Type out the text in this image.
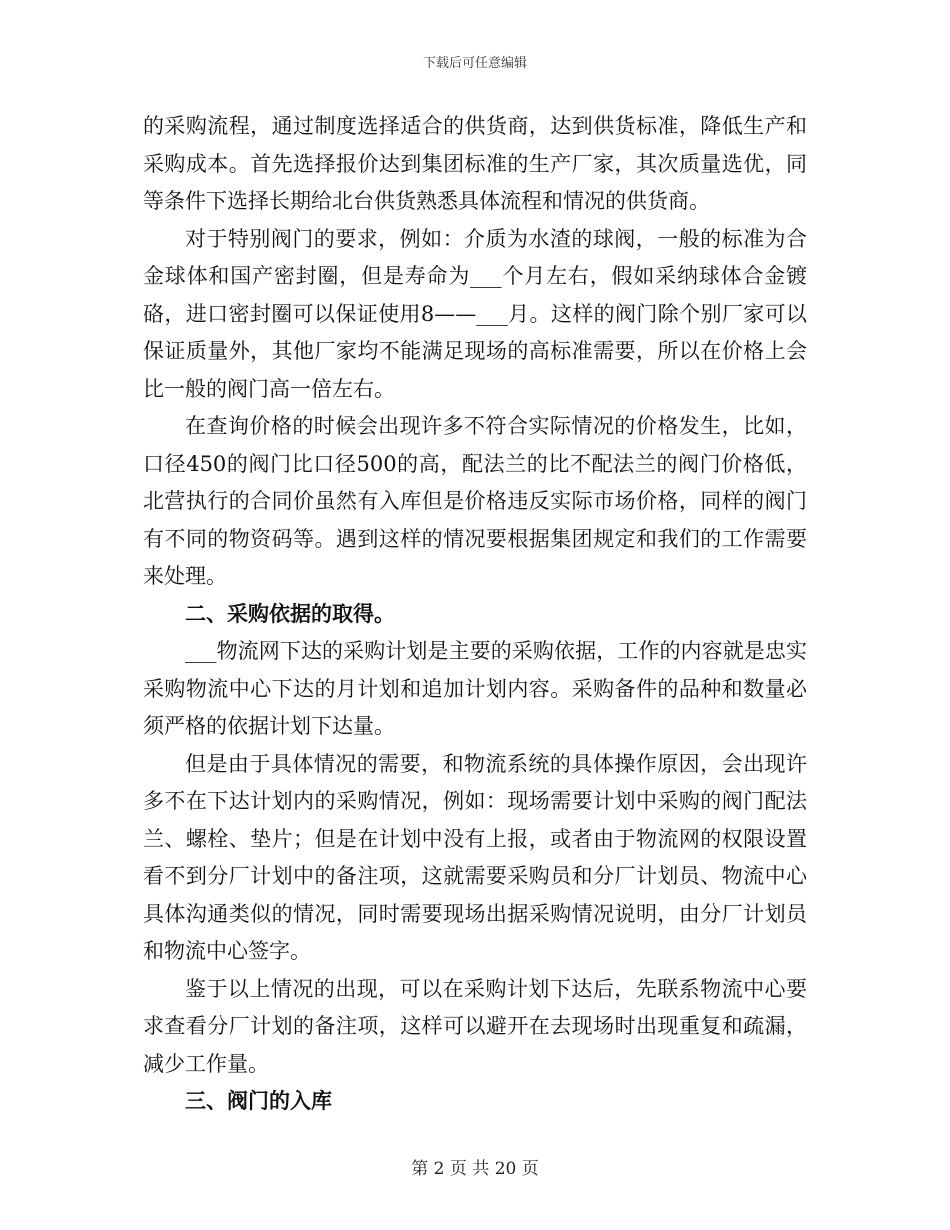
下载后可任意编辑

的采购流程，通过制度选择适合的供货商，达到供货标准，降低生产和采购成本。首先选择报价达到集团标准的生产厂家，其次质量选优，同等条件下选择长期给北台供货熟悉具体流程和情况的供货商。

对于特别阀门的要求，例如：介质为水渣的球阀，一般的标准为合金球体和国产密封圈，但是寿命为___个月左右，假如采纳球体合金镀硌，进口密封圈可以保证使用8——___月。这样的阀门除个别厂家可以保证质量外，其他厂家均不能满足现场的高标准需要，所以在价格上会比一般的阀门高一倍左右。

在查询价格的时候会出现许多不符合实际情况的价格发生，比如，口径450的阀门比口径500的高，配法兰的比不配法兰的阀门价格低，北营执行的合同价虽然有入库但是价格违反实际市场价格，同样的阀门有不同的物资码等。遇到这样的情况要根据集团规定和我们的工作需要来处理。

二、采购依据的取得。

___物流网下达的采购计划是主要的采购依据，工作的内容就是忠实采购物流中心下达的月计划和追加计划内容。采购备件的品种和数量必须严格的依据计划下达量。

但是由于具体情况的需要，和物流系统的具体操作原因，会出现许多不在下达计划内的采购情况，例如：现场需要计划中采购的阀门配法兰、螺栓、垫片；但是在计划中没有上报，或者由于物流网的权限设置看不到分厂计划中的备注项，这就需要采购员和分厂计划员、物流中心具体沟通类似的情况，同时需要现场出据采购情况说明，由分厂计划员和物流中心签字。

鉴于以上情况的出现，可以在采购计划下达后，先联系物流中心要求查看分厂计划的备注项，这样可以避开在去现场时出现重复和疏漏，减少工作量。

三、阀门的入库

第 2 页 共 20 页
